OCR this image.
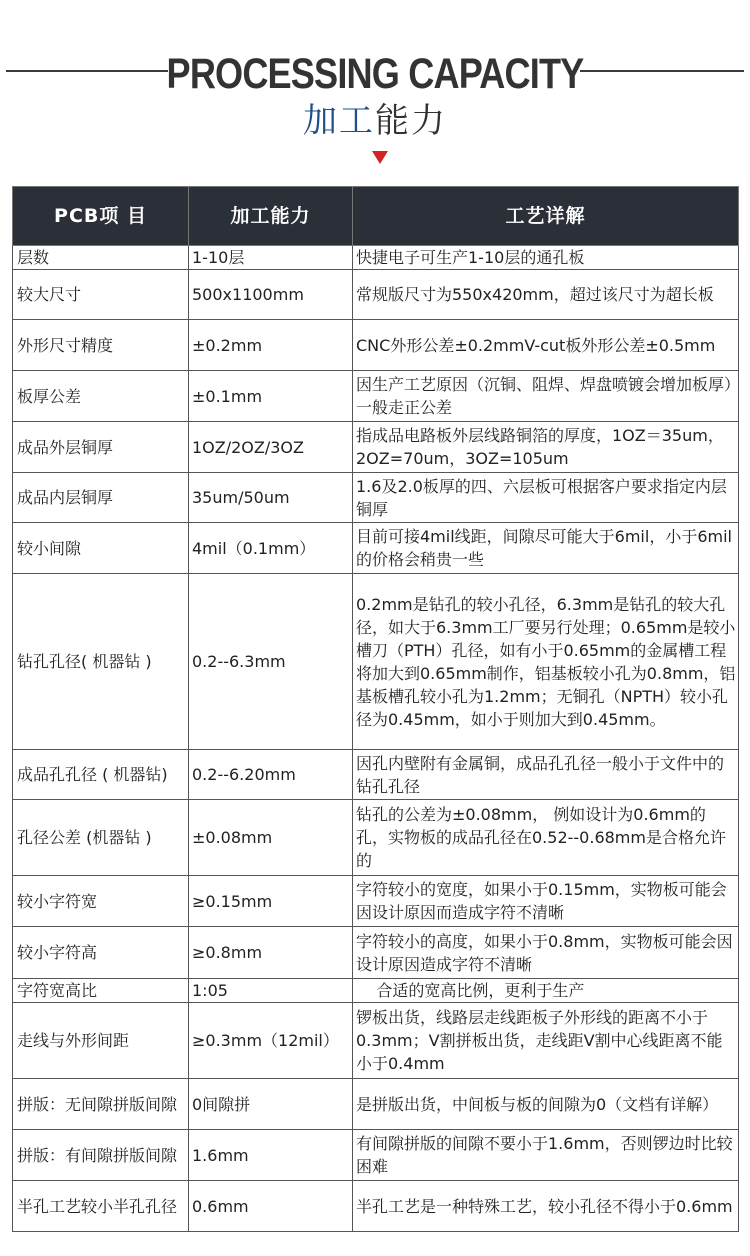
PROCESSING CAPACITY
加工能力
PCB项 目	加工能力	工艺详解
层数	1-10层	快捷电子可生产1-10层的通孔板
较大尺寸	500x1100mm	常规版尺寸为550x420mm，超过该尺寸为超长板
外形尺寸精度	±0.2mm	CNC外形公差±0.2mmV-cut板外形公差±0.5mm
板厚公差	±0.1mm	因生产工艺原因（沉铜、阻焊、焊盘喷镀会增加板厚）一般走正公差
成品外层铜厚	1OZ/2OZ/3OZ	指成品电路板外层线路铜箔的厚度，1OZ＝35um，2OZ=70um，3OZ=105um
成品内层铜厚	35um/50um	1.6及2.0板厚的四、六层板可根据客户要求指定内层铜厚
较小间隙	4mil（0.1mm）	目前可接4mil线距，间隙尽可能大于6mil，小于6mil的价格会稍贵一些
钻孔孔径( 机器钻 )	0.2--6.3mm	0.2mm是钻孔的较小孔径，6.3mm是钻孔的较大孔径，如大于6.3mm工厂要另行处理；0.65mm是较小槽刀（PTH）孔径，如有小于0.65mm的金属槽工程将加大到0.65mm制作，铝基板较小孔为0.8mm，铝基板槽孔较小孔为1.2mm；无铜孔（NPTH）较小孔径为0.45mm，如小于则加大到0.45mm。
成品孔孔径 ( 机器钻)	0.2--6.20mm	因孔内壁附有金属铜，成品孔孔径一般小于文件中的钻孔孔径
孔径公差 (机器钻 )	±0.08mm	钻孔的公差为±0.08mm， 例如设计为0.6mm的孔，实物板的成品孔径在0.52--0.68mm是合格允许的
较小字符宽	≥0.15mm	字符较小的宽度，如果小于0.15mm，实物板可能会因设计原因而造成字符不清晰
较小字符高	≥0.8mm	字符较小的高度，如果小于0.8mm，实物板可能会因设计原因造成字符不清晰
字符宽高比	1:05	合适的宽高比例，更利于生产
走线与外形间距	≥0.3mm（12mil）	锣板出货，线路层走线距板子外形线的距离不小于0.3mm；V割拼板出货，走线距V割中心线距离不能小于0.4mm
拼版：无间隙拼版间隙	0间隙拼	是拼版出货，中间板与板的间隙为0（文档有详解）
拼版：有间隙拼版间隙	1.6mm	有间隙拼版的间隙不要小于1.6mm，否则锣边时比较困难
半孔工艺较小半孔孔径	0.6mm	半孔工艺是一种特殊工艺，较小孔径不得小于0.6mm
